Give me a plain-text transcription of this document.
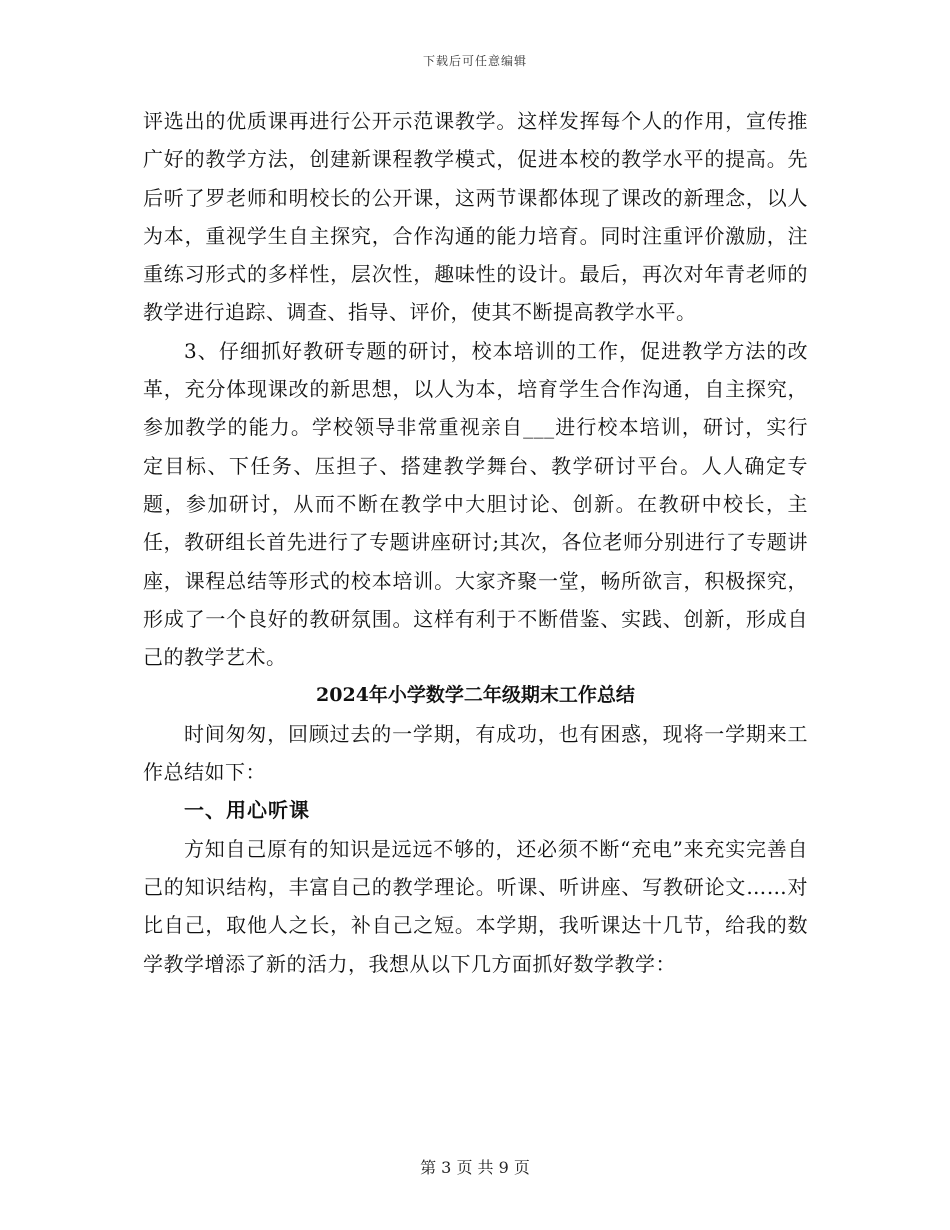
下载后可任意编辑

评选出的优质课再进行公开示范课教学。这样发挥每个人的作用，宣传推广好的教学方法，创建新课程教学模式，促进本校的教学水平的提高。先后听了罗老师和明校长的公开课，这两节课都体现了课改的新理念，以人为本，重视学生自主探究，合作沟通的能力培育。同时注重评价激励，注重练习形式的多样性，层次性，趣味性的设计。最后，再次对年青老师的教学进行追踪、调查、指导、评价，使其不断提高教学水平。

3、仔细抓好教研专题的研讨，校本培训的工作，促进教学方法的改革，充分体现课改的新思想，以人为本，培育学生合作沟通，自主探究，参加教学的能力。学校领导非常重视亲自___进行校本培训，研讨，实行定目标、下任务、压担子、搭建教学舞台、教学研讨平台。人人确定专题，参加研讨，从而不断在教学中大胆讨论、创新。在教研中校长，主任，教研组长首先进行了专题讲座研讨;其次，各位老师分别进行了专题讲座，课程总结等形式的校本培训。大家齐聚一堂，畅所欲言，积极探究，形成了一个良好的教研氛围。这样有利于不断借鉴、实践、创新，形成自己的教学艺术。

2024年小学数学二年级期末工作总结

时间匆匆，回顾过去的一学期，有成功，也有困惑，现将一学期来工作总结如下：

一、用心听课

方知自己原有的知识是远远不够的，还必须不断“充电”来充实完善自己的知识结构，丰富自己的教学理论。听课、听讲座、写教研论文……对比自己，取他人之长，补自己之短。本学期，我听课达十几节，给我的数学教学增添了新的活力，我想从以下几方面抓好数学教学：

第 3 页 共 9 页
